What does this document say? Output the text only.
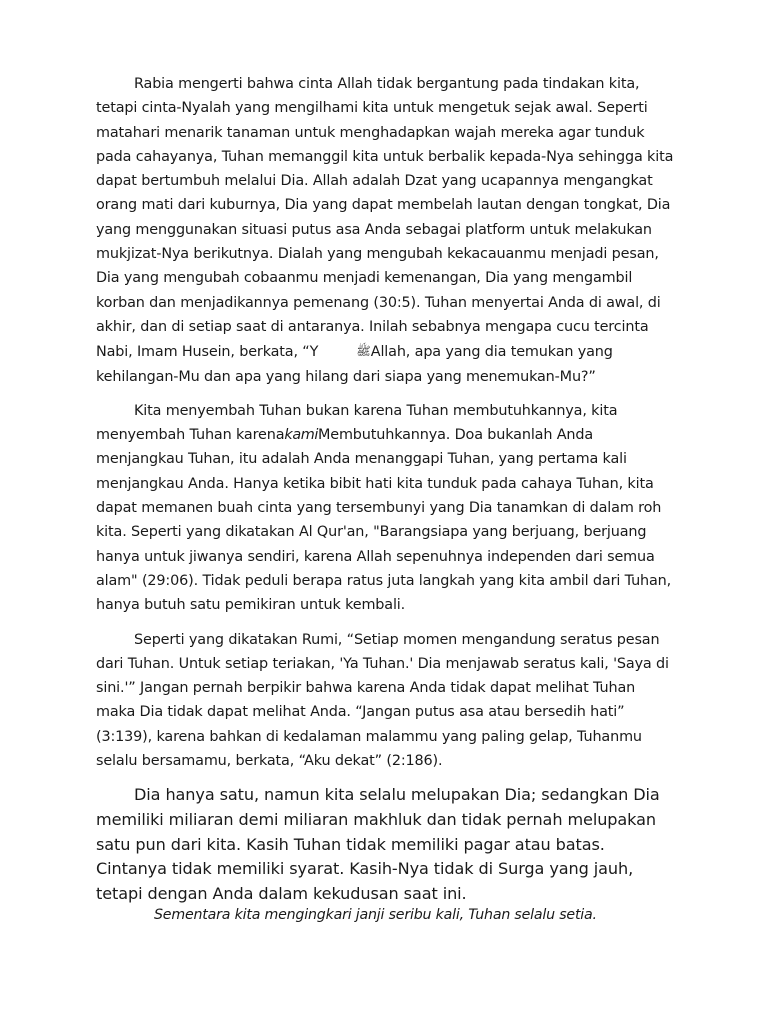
Rabia mengerti bahwa cinta Allah tidak bergantung pada tindakan kita, tetapi cinta-Nyalah yang mengilhami kita untuk mengetuk sejak awal. Seperti matahari menarik tanaman untuk menghadapkan wajah mereka agar tunduk pada cahayanya, Tuhan memanggil kita untuk berbalik kepada-Nya sehingga kita dapat bertumbuh melalui Dia. Allah adalah Dzat yang ucapannya mengangkat orang mati dari kuburnya, Dia yang dapat membelah lautan dengan tongkat, Dia yang menggunakan situasi putus asa Anda sebagai platform untuk melakukan mukjizat-Nya berikutnya. Dialah yang mengubah kekacauanmu menjadi pesan, Dia yang mengubah cobaanmu menjadi kemenangan, Dia yang mengambil korban dan menjadikannya pemenang (30:5). Tuhan menyertai Anda di awal, di akhir, dan di setiap saat di antaranya. Inilah sebabnya mengapa cucu tercinta Nabi, Imam Husein, berkata, “Y	ﷺAllah, apa yang dia temukan yang kehilangan-Mu dan apa yang hilang dari siapa yang menemukan-Mu?”

Kita menyembah Tuhan bukan karena Tuhan membutuhkannya, kita menyembah Tuhan karenakamiMembutuhkannya. Doa bukanlah Anda menjangkau Tuhan, itu adalah Anda menanggapi Tuhan, yang pertama kali menjangkau Anda. Hanya ketika bibit hati kita tunduk pada cahaya Tuhan, kita dapat memanen buah cinta yang tersembunyi yang Dia tanamkan di dalam roh kita. Seperti yang dikatakan Al Qur'an, "Barangsiapa yang berjuang, berjuang hanya untuk jiwanya sendiri, karena Allah sepenuhnya independen dari semua alam" (29:06). Tidak peduli berapa ratus juta langkah yang kita ambil dari Tuhan, hanya butuh satu pemikiran untuk kembali.

Seperti yang dikatakan Rumi, “Setiap momen mengandung seratus pesan dari Tuhan. Untuk setiap teriakan, 'Ya Tuhan.' Dia menjawab seratus kali, 'Saya di sini.'” Jangan pernah berpikir bahwa karena Anda tidak dapat melihat Tuhan maka Dia tidak dapat melihat Anda. “Jangan putus asa atau bersedih hati” (3:139), karena bahkan di kedalaman malammu yang paling gelap, Tuhanmu selalu bersamamu, berkata, “Aku dekat” (2:186).

Dia hanya satu, namun kita selalu melupakan Dia; sedangkan Dia memiliki miliaran demi miliaran makhluk dan tidak pernah melupakan satu pun dari kita. Kasih Tuhan tidak memiliki pagar atau batas. Cintanya tidak memiliki syarat. Kasih-Nya tidak di Surga yang jauh, tetapi dengan Anda dalam kekudusan saat ini.

Sementara kita mengingkari janji seribu kali, Tuhan selalu setia.
